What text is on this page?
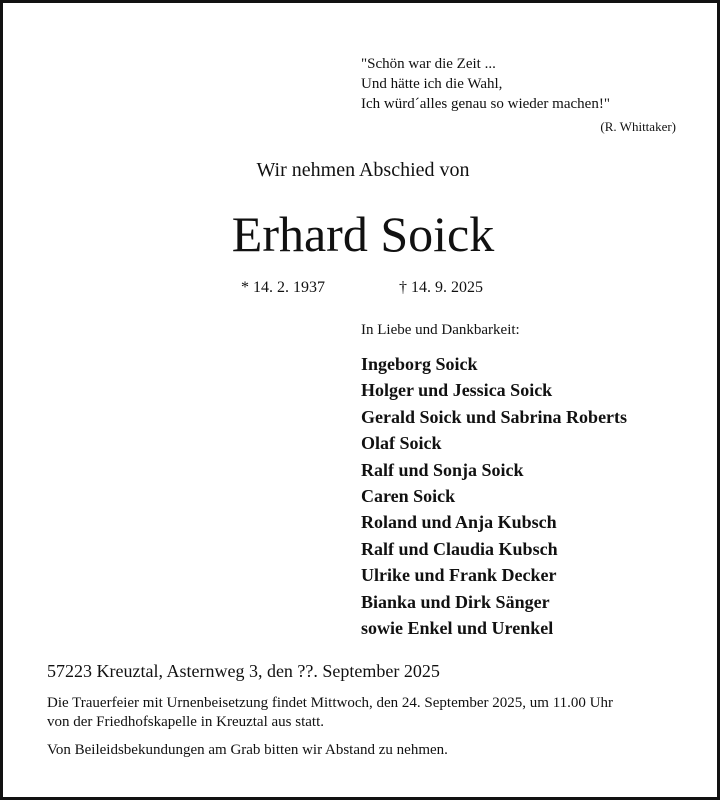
"Schön war die Zeit ...
Und hätte ich die Wahl,
Ich würd´alles genau so wieder machen!"
(R. Whittaker)
Wir nehmen Abschied von
Erhard Soick
* 14. 2. 1937	† 14. 9. 2025
In Liebe und Dankbarkeit:
Ingeborg Soick
Holger und Jessica Soick
Gerald Soick und Sabrina Roberts
Olaf Soick
Ralf und Sonja Soick
Caren Soick
Roland und Anja Kubsch
Ralf und Claudia Kubsch
Ulrike und Frank Decker
Bianka und Dirk Sänger
sowie Enkel und Urenkel
57223 Kreuztal, Asternweg 3, den ??. September 2025
Die Trauerfeier mit Urnenbeisetzung findet Mittwoch, den 24. September 2025, um 11.00 Uhr
von der Friedhofskapelle in Kreuztal aus statt.
Von Beileidsbekundungen am Grab bitten wir Abstand zu nehmen.
